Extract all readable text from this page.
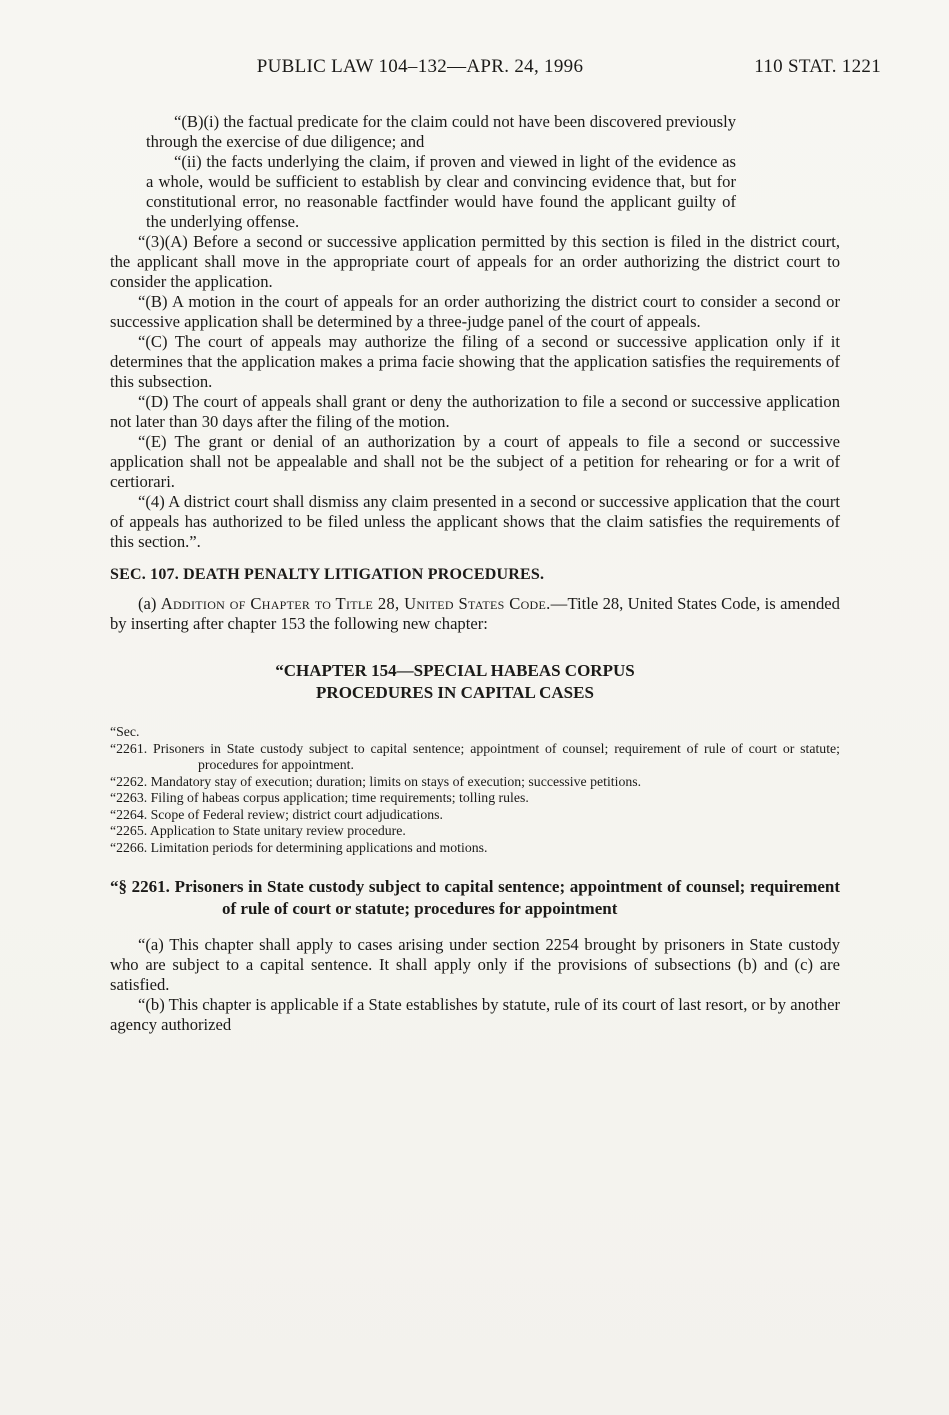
PUBLIC LAW 104–132—APR. 24, 1996	110 STAT. 1221

“(B)(i) the factual predicate for the claim could not have been discovered previously through the exercise of due diligence; and

“(ii) the facts underlying the claim, if proven and viewed in light of the evidence as a whole, would be sufficient to establish by clear and convincing evidence that, but for constitutional error, no reasonable factfinder would have found the applicant guilty of the underlying offense.

“(3)(A) Before a second or successive application permitted by this section is filed in the district court, the applicant shall move in the appropriate court of appeals for an order authorizing the district court to consider the application.

“(B) A motion in the court of appeals for an order authorizing the district court to consider a second or successive application shall be determined by a three-judge panel of the court of appeals.

“(C) The court of appeals may authorize the filing of a second or successive application only if it determines that the application makes a prima facie showing that the application satisfies the requirements of this subsection.

“(D) The court of appeals shall grant or deny the authorization to file a second or successive application not later than 30 days after the filing of the motion.

“(E) The grant or denial of an authorization by a court of appeals to file a second or successive application shall not be appealable and shall not be the subject of a petition for rehearing or for a writ of certiorari.

“(4) A district court shall dismiss any claim presented in a second or successive application that the court of appeals has authorized to be filed unless the applicant shows that the claim satisfies the requirements of this section.”.

SEC. 107. DEATH PENALTY LITIGATION PROCEDURES.

(a) Addition of Chapter to Title 28, United States Code.—Title 28, United States Code, is amended by inserting after chapter 153 the following new chapter:

“CHAPTER 154—SPECIAL HABEAS CORPUS
PROCEDURES IN CAPITAL CASES
“Sec.
“2261. Prisoners in State custody subject to capital sentence; appointment of counsel; requirement of rule of court or statute; procedures for appointment.
“2262. Mandatory stay of execution; duration; limits on stays of execution; successive petitions.
“2263. Filing of habeas corpus application; time requirements; tolling rules.
“2264. Scope of Federal review; district court adjudications.
“2265. Application to State unitary review procedure.
“2266. Limitation periods for determining applications and motions.
“§ 2261. Prisoners in State custody subject to capital sentence; appointment of counsel; requirement of rule of court or statute; procedures for appointment

“(a) This chapter shall apply to cases arising under section 2254 brought by prisoners in State custody who are subject to a capital sentence. It shall apply only if the provisions of subsections (b) and (c) are satisfied.

“(b) This chapter is applicable if a State establishes by statute, rule of its court of last resort, or by another agency authorized
